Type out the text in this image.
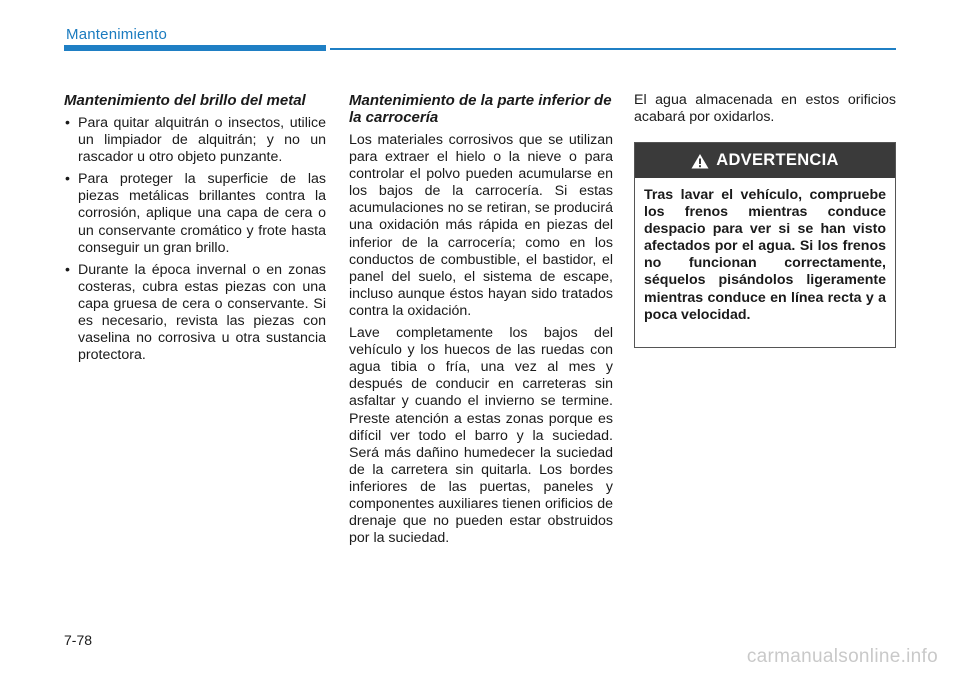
Mantenimiento
Mantenimiento del brillo del metal
• Para quitar alquitrán o insectos, utilice un limpiador de alquitrán; y no un rascador u otro objeto punzante.
• Para proteger la superficie de las piezas metálicas brillantes contra la corrosión, aplique una capa de cera o un conservante cromático y frote hasta conseguir un gran brillo.
• Durante la época invernal o en zonas costeras, cubra estas piezas con una capa gruesa de cera o conservante. Si es necesario, revista las piezas con vaselina no corrosiva u otra sustancia protectora.
Mantenimiento de la parte inferior de la carrocería

Los materiales corrosivos que se utilizan para extraer el hielo o la nieve o para controlar el polvo pueden acumularse en los bajos de la carrocería. Si estas acumulaciones no se retiran, se producirá una oxidación más rápida en piezas del inferior de la carrocería; como en los conductos de combustible, el bastidor, el panel del suelo, el sistema de escape, incluso aunque éstos hayan sido tratados contra la oxidación.

Lave completamente los bajos del vehículo y los huecos de las ruedas con agua tibia o fría, una vez al mes y después de conducir en carreteras sin asfaltar y cuando el invierno se termine. Preste atención a estas zonas porque es difícil ver todo el barro y la suciedad. Será más dañino humedecer la suciedad de la carretera sin quitarla. Los bordes inferiores de las puertas, paneles y componentes auxiliares tienen orificios de drenaje que no pueden estar obstruidos por la suciedad.

El agua almacenada en estos orificios acabará por oxidarlos.

ADVERTENCIA
Tras lavar el vehículo, compruebe los frenos mientras conduce despacio para ver si se han visto afectados por el agua. Si los frenos no funcionan correctamente, séquelos pisándolos ligeramente mientras conduce en línea recta y a poca velocidad.
7-78
carmanualsonline.info
